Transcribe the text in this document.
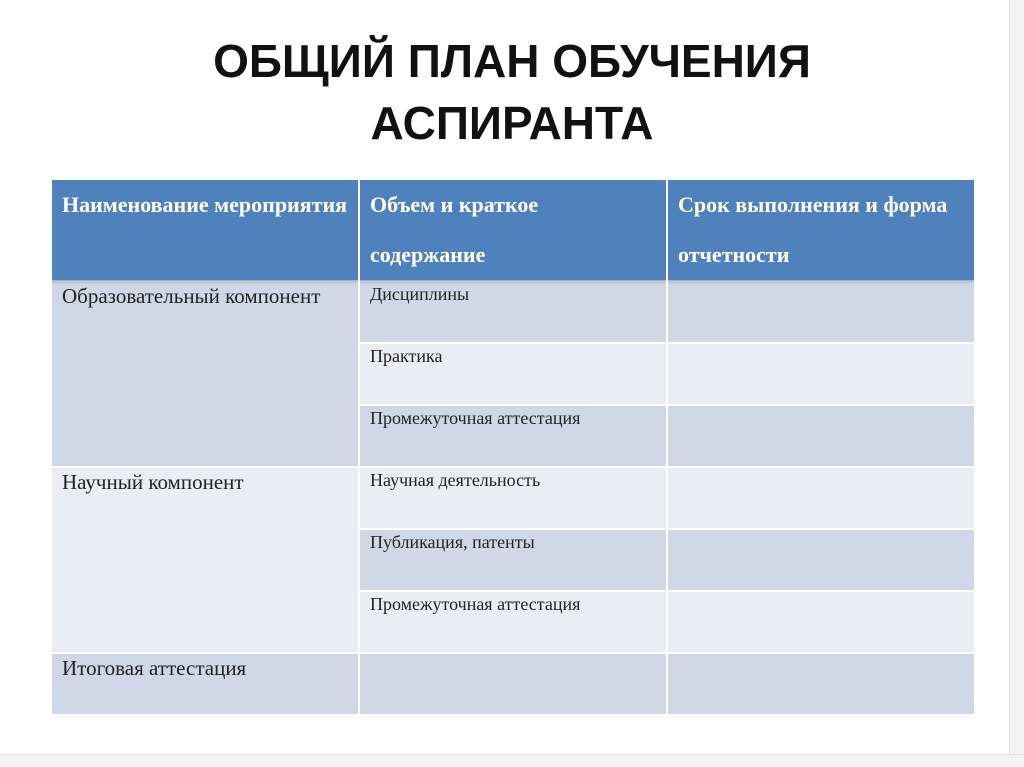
ОБЩИЙ ПЛАН ОБУЧЕНИЯ
АСПИРАНТА
Наименование мероприятия	Объем и краткое содержание	Срок выполнения и форма отчетности

Образовательный компонент	Дисциплины	
	Практика	
	Промежуточная аттестация	
Научный компонент	Научная деятельность	
	Публикация, патенты	
	Промежуточная аттестация	
Итоговая аттестация		
